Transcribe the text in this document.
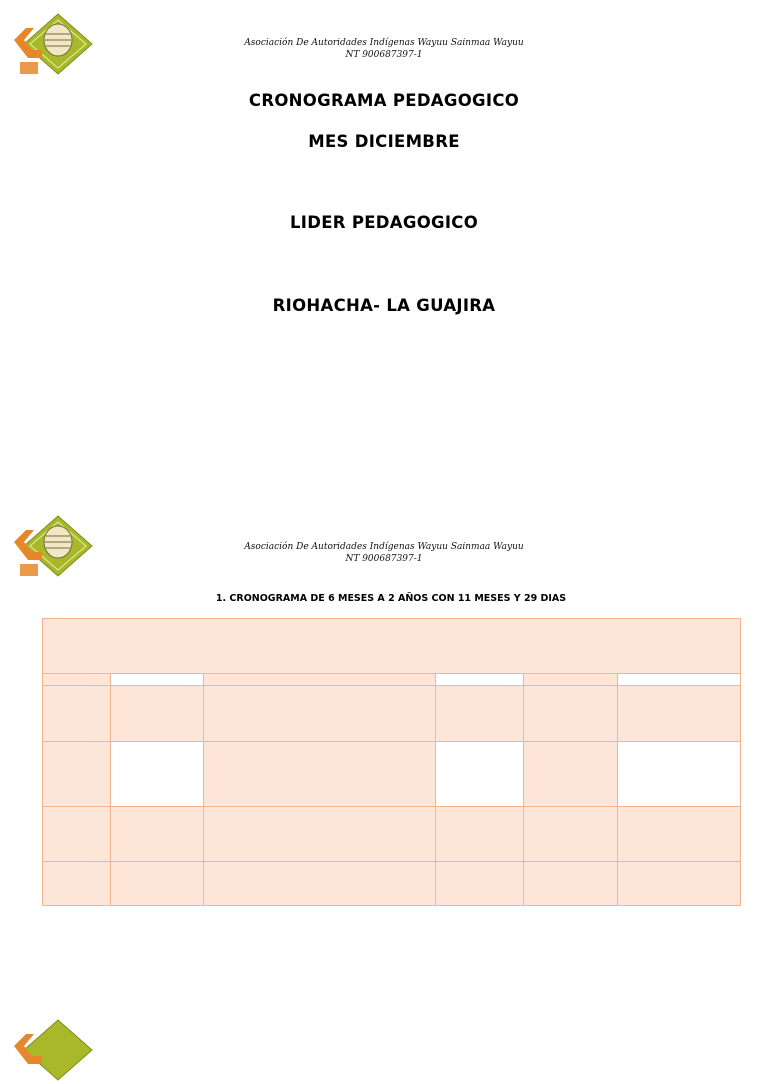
Asociación De Autoridades Indígenas Wayuu Sainmaa Wayuu
NT 900687397-1
CRONOGRAMA PEDAGOGICO
MES DICIEMBRE
LIDER PEDAGOGICO
RIOHACHA- LA GUAJIRA
Asociación De Autoridades Indígenas Wayuu Sainmaa Wayuu
NT 900687397-1
1. CRONOGRAMA DE 6 MESES A 2 AÑOS CON 11 MESES Y 29 DIAS
